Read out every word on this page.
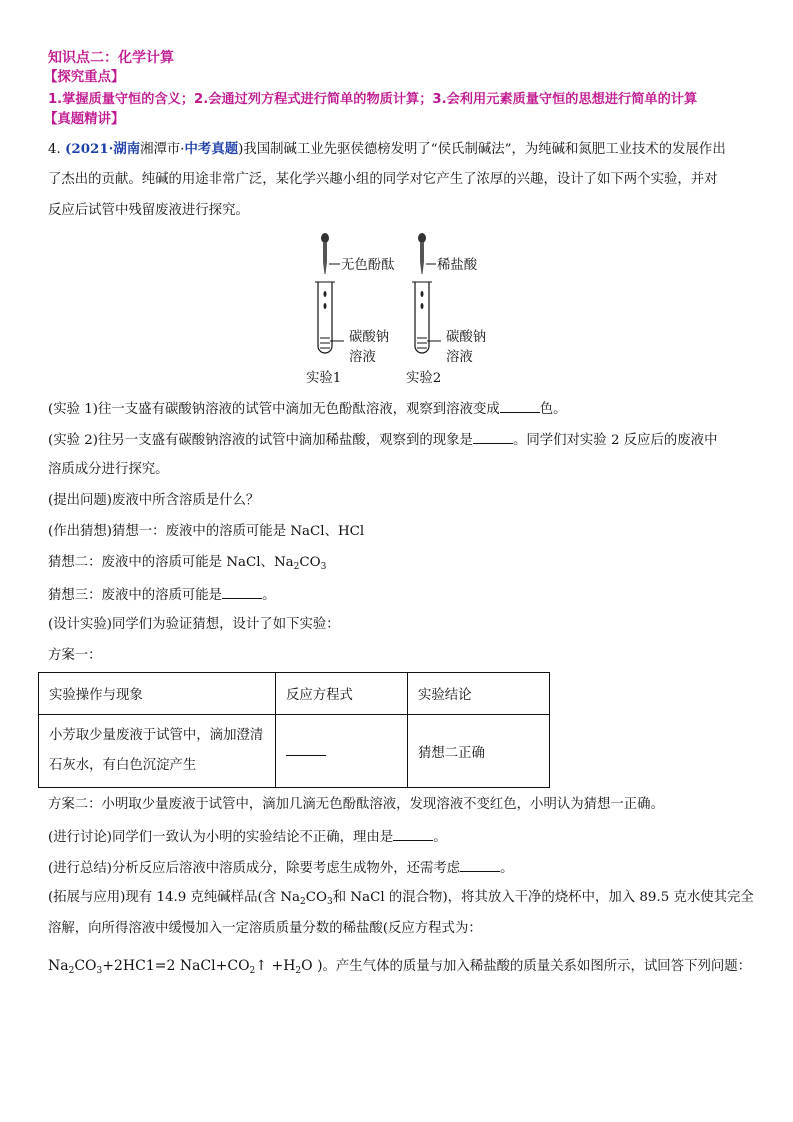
知识点二：化学计算
【探究重点】
1.掌握质量守恒的含义；2.会通过列方程式进行简单的物质计算；3.会利用元素质量守恒的思想进行简单的计算
【真题精讲】
4. (2021·湖南湘潭市·中考真题)我国制碱工业先驱侯德榜发明了“侯氏制碱法”，为纯碱和氮肥工业技术的发展作出
了杰出的贡献。纯碱的用途非常广泛，某化学兴趣小组的同学对它产生了浓厚的兴趣，设计了如下两个实验，并对
反应后试管中残留废液进行探究。
无色酚酞	稀盐酸
碳酸钠
溶液
碳酸钠
溶液
实验1	实验2
(实验 1)往一支盛有碳酸钠溶液的试管中滴加无色酚酞溶液，观察到溶液变成	色。
(实验 2)往另一支盛有碳酸钠溶液的试管中滴加稀盐酸，观察到的现象是	。同学们对实验 2 反应后的废液中
溶质成分进行探究。
(提出问题)废液中所含溶质是什么？
(作出猜想)猜想一：废液中的溶质可能是 NaCl、HCl
猜想二：废液中的溶质可能是 NaCl、$Na_2CO_3$
猜想三：废液中的溶质可能是	。
(设计实验)同学们为验证猜想，设计了如下实验：
方案一：
实验操作与现象	反应方程式	实验结论

小芳取少量废液于试管中，滴加澄清
石灰水，有白色沉淀产生		猜想二正确
方案二：小明取少量废液于试管中，滴加几滴无色酚酞溶液，发现溶液不变红色，小明认为猜想一正确。
(进行讨论)同学们一致认为小明的实验结论不正确，理由是	。
(进行总结)分析反应后溶液中溶质成分，除要考虑生成物外，还需考虑	。
(拓展与应用)现有 14.9 克纯碱样品(含 $Na_2CO_3$和 NaCl 的混合物)，将其放入干净的烧杯中，加入 89.5 克水使其完全
溶解，向所得溶液中缓慢加入一定溶质质量分数的稀盐酸(反应方程式为：
$Na_2CO_3+2HC1=2$ $NaCl+CO_2↑ +H_2O$ )。产生气体的质量与加入稀盐酸的质量关系如图所示，试回答下列问题：
